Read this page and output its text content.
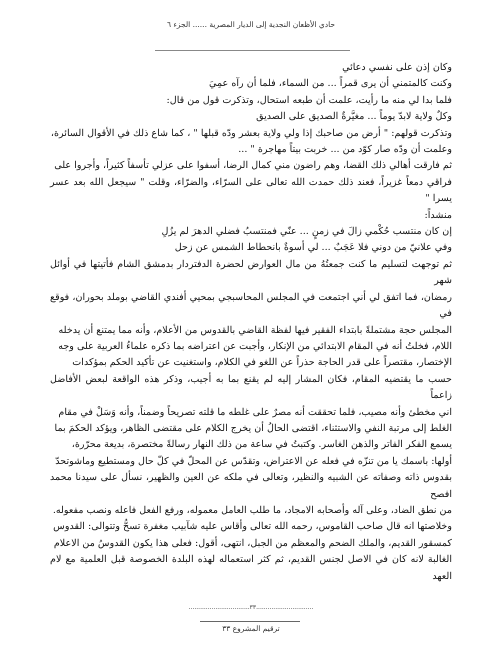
حادي الأظعان النجدية إلى الديار المصرية ...... الجزء ٦

وكان إذن على نفسي دعائي

وكنت كالمتمني أن يرى قمراً ... من السماء، فلما أن رآه عمِيَ

فلما بدا لي منه ما رأيت، علمت أن طبعه استحال، وتذكرت قول من قال:

وكلٌ ولاية لابدّ يوماً ... مغيَّرةٌ الصديق على الصديق

وتذكرت قولهم: " أرض من صاحبك إذا ولي ولاية بعشر ودّه قبلها " ، كما شاع ذلك في الأقوال السائرة،

وعلمت أن ودّه صار كوّد من ... خربت بيتاً مهاجرة " ...

ثم فارقت أهالي ذلك القضا، وهم راضون مني كمال الرضا، أسفوا على عزلي تأسفاً كثيراً، وأجروا على

فراقي دمعاً غزيراً، فعند ذلك حمدت الله تعالى على السرّاء، والضرّاء، وقلت " سيجعل الله بعد عسر يسرا "

منشداً:

إن كان منتسب حُكْمي زالَ في زمنٍ ... عنّي فمنتسبُ فضلي الدهرَ لم يزُلِ

وفي علانيّ من دوني فلا عَجَبٌ ... لي أسوةٌ بانحطاط الشمس عن زحل

ثم توجهت لتسليم ما كنت جمعتُهُ من مال العوارض لحضرة الدفتردار بدمشق الشام فأتيتها في أوائل شهر

رمضان، فما اتفق لي أني اجتمعت في المجلس المحاسبجي بمحيي أفندي القاضي بوملد بحوران، فوقع في

المجلس حجة مشتملةً بابتداء الفقير فيها لفظة القاضي بالقدوس من الأعلام، وأنه مما يمتنع أن يدخله

اللام، فخلتُ أنه في المقام الابتدائي من الإنكار، وأجبت عن اعتراضه بما ذكره علماءُ العربية على وجه

الإختصار، مقتصراً على قدر الحاجة حذراً عن اللغو في الكلام، واستغنيت عن تأكيد الحكم بمؤكدات

حسب ما يقتضيه المقام، فكان المشار إليه لم يقنع بما به أجيب، وذكر هذه الواقعة لبعض الأفاضل زاعماً

اني مخطئ وأنه مصيب، فلما تحققت أنه مصرٌ على غلطه ما قلته تصريحاً وضمناً، وأنه وَسَلْ في مقام

الغلط إلى مرتبة النفي والاستثناء، اقتضى الحالُ أن يخرج الكلام على مقتضى الظاهر، ويؤكد الحكمَ بما

يسمع الفكر الفاتر والذهن الغاسر. وكتبتُ في ساعة من ذلك النهار رسالةً مختصرة، بديعة محرّرة،

أولها: باسمك يا من تنزّه في فعله عن الاعتراض، وتقدّس عن المحلّ في كلّ حال ومستطيع وماشوتحدّ

بقدوس ذاته وصفاته عن الشبيه والنظير، وتعالى في ملكه عن العين والظهير، نسأل على سيدنا محمد افصح

من نطق الضاد، وعلى آله وأصحابه الامجاد، ما طلب العامل معموله، ورفع الفعل فاعله ونصب مفعوله.

وخلاصتها انه قال صاحب القاموس، رحمه الله تعالى وأقاس عليه شآبيب مغفرة تسحُّ وتتوالى: القدوس

كمسقور القديم، والملك الضحم والمعظم من الجبل، انتهى، أقول: فعلى هذا يكون القدوسُ من الاعلام

الغالبة لانه كان في الاصل لجنس القديم، ثم كثر استعماله لهذه البلدة الخصوصة قبل العلمية مع لام العهد

..............................٣٣................................
ترقيم المشروع ٣٣
